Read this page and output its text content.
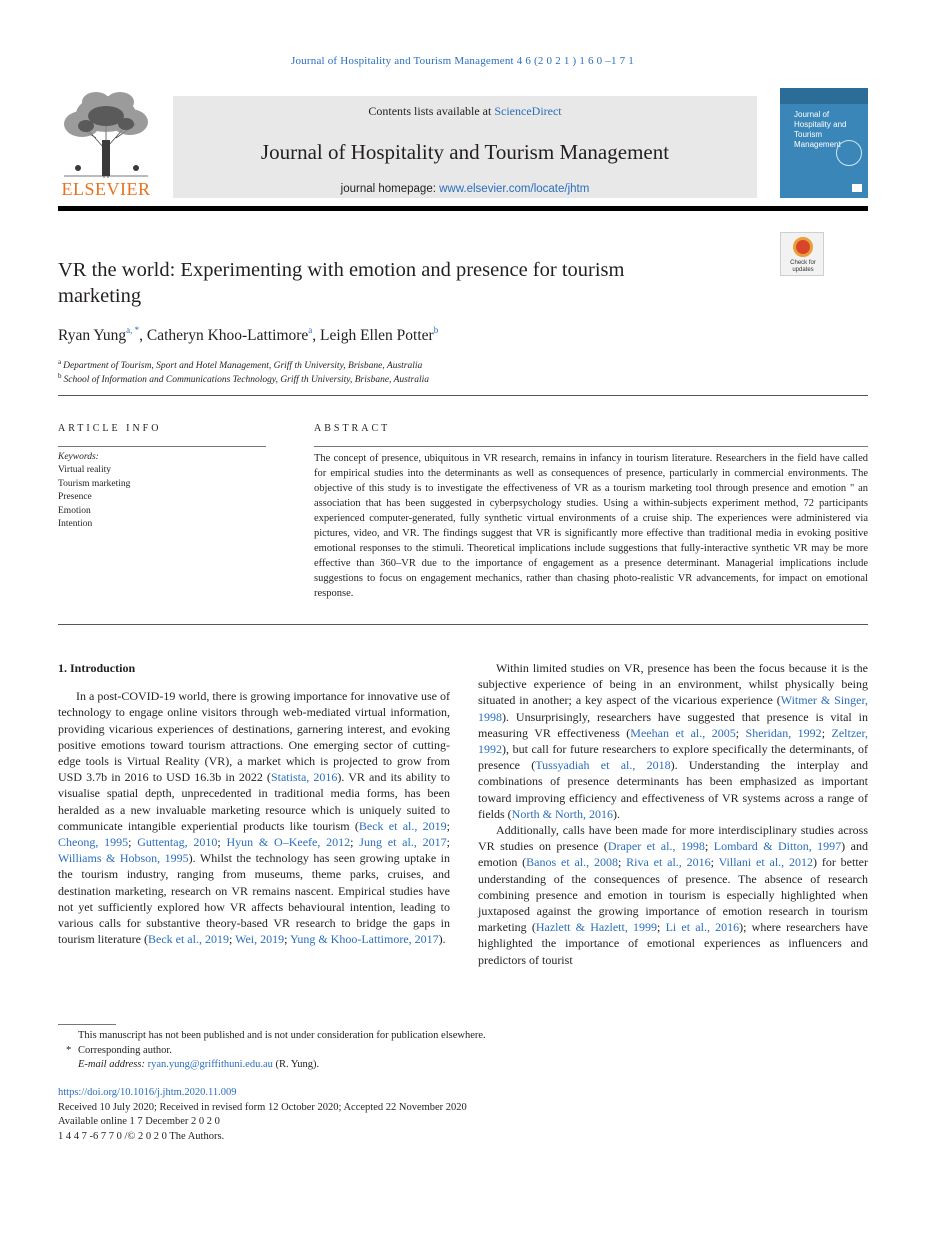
Journal of Hospitality and Tourism Management 4 6 (2 0 2 1 ) 1 6 0 –1 7 1
ELSEVIER
Contents lists available at ScienceDirect
Journal of Hospitality and Tourism Management
journal homepage: www.elsevier.com/locate/jhtm
Journal of Hospitality and Tourism Management
VR the world: Experimenting with emotion and presence for tourism marketing
Check for updates
Ryan Yung$^{a, *}$, Catheryn Khoo-Lattimore$^a$, Leigh Ellen Potter$^b$
$^a$ Department of Tourism, Sport and Hotel Management, Griff th University, Brisbane, Australia
$^b$ School of Information and Communications Technology, Griff th University, Brisbane, Australia
ARTICLE INFO	ABSTRACT
Keywords:
Virtual reality
Tourism marketing
Presence
Emotion
Intention
The concept of presence, ubiquitous in VR research, remains in infancy in tourism literature. Researchers in the field have called for empirical studies into the determinants as well as consequences of presence, particularly in commercial environments. The objective of this study is to investigate the effectiveness of VR as a tourism marketing tool through presence and emotion " an association that has been suggested in cyberpsychology studies. Using a within-subjects experiment method, 72 participants experienced computer-generated, fully synthetic virtual environments of a cruise ship. The experiences were administered via pictures, video, and VR. The findings suggest that VR is significantly more effective than traditional media in evoking positive emotional responses to the stimuli. Theoretical implications include suggestions that fully-interactive synthetic VR may be more effective than 360–VR due to the importance of engagement as a presence determinant. Managerial implications include suggestions to focus on engagement mechanics, rather than chasing photo-realistic VR advancements, for impact on emotional response.
1. Introduction

In a post-COVID-19 world, there is growing importance for innovative use of technology to engage online visitors through web-mediated virtual information, providing vicarious experiences of destinations, garnering interest, and evoking positive emotions toward tourism attractions. One emerging sector of cutting-edge tools is Virtual Reality (VR), a market which is projected to grow from USD 3.7b in 2016 to USD 16.3b in 2022 (Statista, 2016). VR and its ability to visualise spatial depth, unprecedented in traditional media forms, has been heralded as a new invaluable marketing resource which is uniquely suited to communicate intangible experiential products like tourism (Beck et al., 2019; Cheong, 1995; Guttentag, 2010; Hyun & O–Keefe, 2012; Jung et al., 2017; Williams & Hobson, 1995). Whilst the technology has seen growing uptake in the tourism industry, ranging from museums, theme parks, cruises, and destination marketing, research on VR remains nascent. Empirical studies have not yet sufficiently explored how VR affects behavioural intention, leading to various calls for substantive theory-based VR research to bridge the gaps in tourism literature (Beck et al., 2019; Wei, 2019; Yung & Khoo-Lattimore, 2017).

Within limited studies on VR, presence has been the focus because it is the subjective experience of being in an environment, whilst physically being situated in another; a key aspect of the vicarious experience (Witmer & Singer, 1998). Unsurprisingly, researchers have suggested that presence is vital in measuring VR effectiveness (Meehan et al., 2005; Sheridan, 1992; Zeltzer, 1992), but call for future researchers to explore specifically the determinants, of presence (Tussyadiah et al., 2018). Understanding the interplay and combinations of presence determinants has been emphasized as important toward improving efficiency and effectiveness of VR systems across a range of fields (North & North, 2016).

Additionally, calls have been made for more interdisciplinary studies across VR studies on presence (Draper et al., 1998; Lombard & Ditton, 1997) and emotion (Banos et al., 2008; Riva et al., 2016; Villani et al., 2012) for better understanding of the consequences of presence. The absence of research combining presence and emotion in tourism is especially highlighted when juxtaposed against the growing importance of emotion research in tourism marketing (Hazlett & Hazlett, 1999; Li et al., 2016); where researchers have highlighted the importance of emotional experiences as influencers and predictors of tourist

This manuscript has not been published and is not under consideration for publication elsewhere.
* Corresponding author.
E-mail address: ryan.yung@griffithuni.edu.au (R. Yung).
https://doi.org/10.1016/j.jhtm.2020.11.009
Received 10 July 2020; Received in revised form 12 October 2020; Accepted 22 November 2020
Available online 1 7 December 2 0 2 0
1 4 4 7 -6 7 7 0 /© 2 0 2 0 The Authors.
